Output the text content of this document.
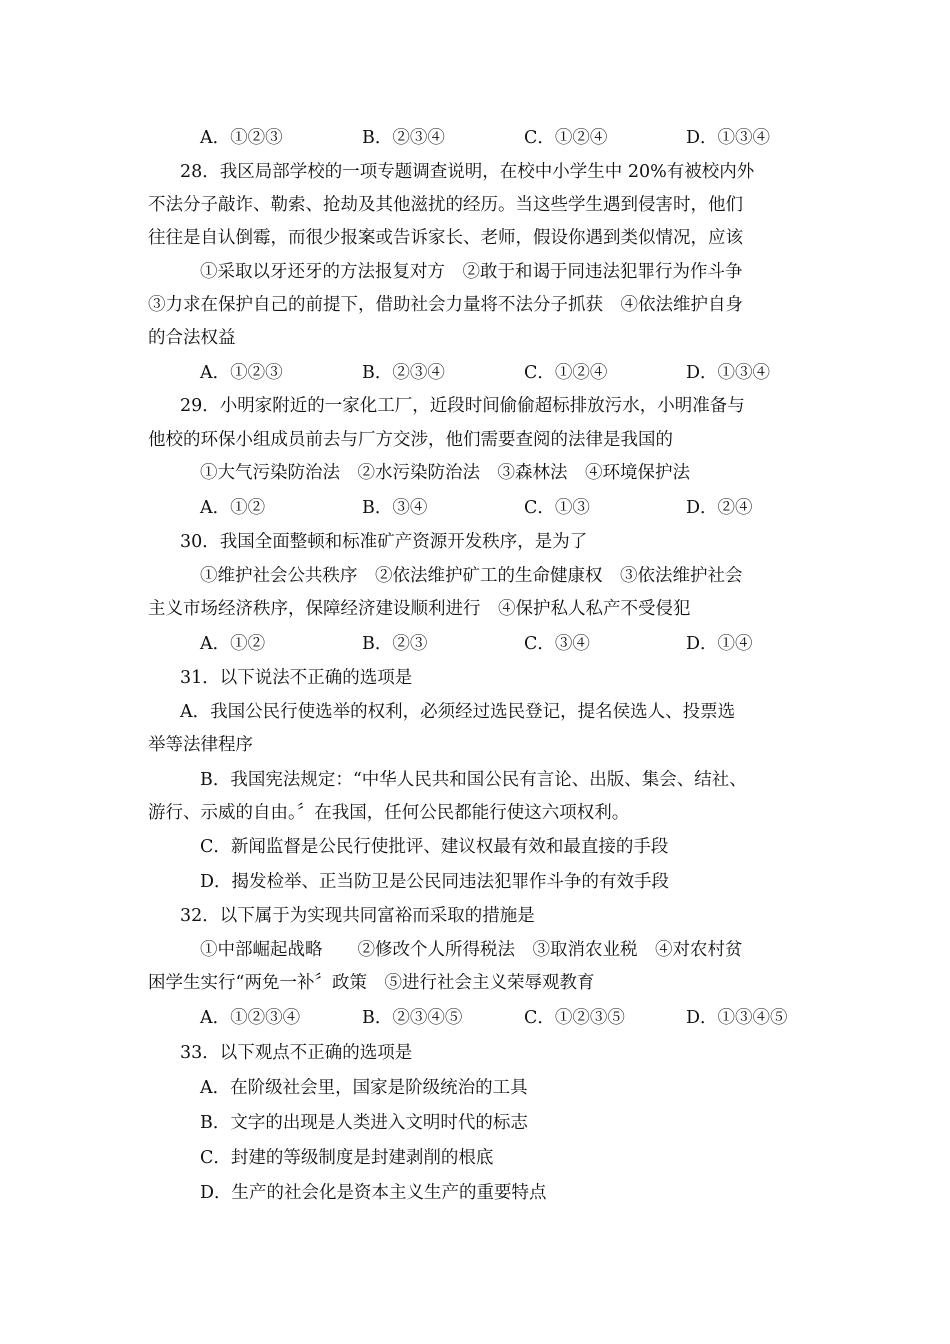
A．①②③	B．②③④	C．①②④	D．①③④
28．我区局部学校的一项专题调查说明，在校中小学生中 20%有被校内外
不法分子敲诈、勒索、抢劫及其他滋扰的经历。当这些学生遇到侵害时，他们
往往是自认倒霉，而很少报案或告诉家长、老师，假设你遇到类似情况，应该
①采取以牙还牙的方法报复对方　②敢于和谒于同违法犯罪行为作斗争
③力求在保护自己的前提下，借助社会力量将不法分子抓获　④依法维护自身
的合法权益
A．①②③	B．②③④	C．①②④	D．①③④
29．小明家附近的一家化工厂，近段时间偷偷超标排放污水，小明准备与
他校的环保小组成员前去与厂方交涉，他们需要查阅的法律是我国的
①大气污染防治法　②水污染防治法　③森林法　④环境保护法
A．①②	B．③④	C．①③	D．②④
30．我国全面整顿和标准矿产资源开发秩序，是为了
①维护社会公共秩序　②依法维护矿工的生命健康权　③依法维护社会
主义市场经济秩序，保障经济建设顺利进行　④保护私人私产不受侵犯
A．①②	B．②③	C．③④	D．①④
31．以下说法不正确的选项是
A．我国公民行使选举的权利，必须经过选民登记，提名侯选人、投票选
举等法律程序
B．我国宪法规定：“中华人民共和国公民有言论、出版、集会、结社、
游行、示威的自由。〞在我国，任何公民都能行使这六项权利。
C．新闻监督是公民行使批评、建议权最有效和最直接的手段
D．揭发检举、正当防卫是公民同违法犯罪作斗争的有效手段
32．以下属于为实现共同富裕而采取的措施是
①中部崛起战略　　②修改个人所得税法　③取消农业税　④对农村贫
困学生实行“两免一补〞政策　⑤进行社会主义荣辱观教育
A．①②③④	B．②③④⑤	C．①②③⑤	D．①③④⑤
33．以下观点不正确的选项是
A．在阶级社会里，国家是阶级统治的工具
B．文字的出现是人类进入文明时代的标志
C．封建的等级制度是封建剥削的根底
D．生产的社会化是资本主义生产的重要特点
